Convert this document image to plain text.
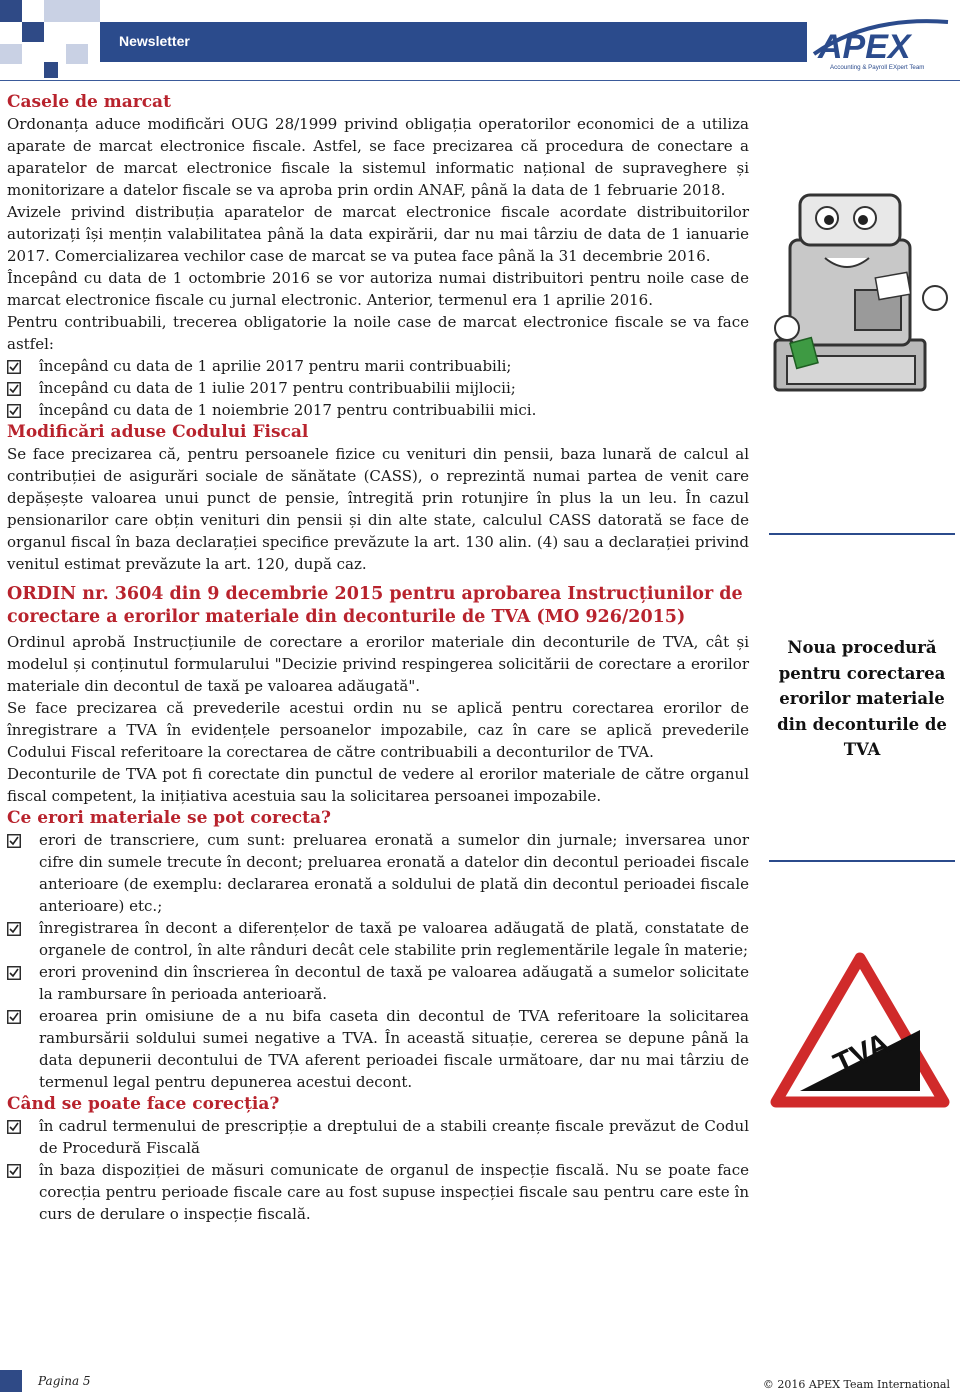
Newsletter	APEX
Accounting & Payroll EXpert Team
Casele de marcat

Ordonanța aduce modificări OUG 28/1999 privind obligația operatorilor economici de a utiliza aparate de marcat electronice fiscale. Astfel, se face precizarea că procedura de conectare a aparatelor de marcat electronice fiscale la sistemul informatic național de supraveghere și monitorizare a datelor fiscale se va aproba prin ordin ANAF, până la data de 1 februarie 2018.

Avizele privind distribuția aparatelor de marcat electronice fiscale acordate distribuitorilor autorizați își mențin valabilitatea până la data expirării, dar nu mai târziu de data de 1 ianuarie 2017. Comercializarea vechilor case de marcat se va putea face până la 31 decembrie 2016.

Începând cu data de 1 octombrie 2016 se vor autoriza numai distribuitori pentru noile case de marcat electronice fiscale cu jurnal electronic. Anterior, termenul era 1 aprilie 2016.

Pentru contribuabili, trecerea obligatorie la noile case de marcat electronice fiscale se va face astfel:

începând cu data de 1 aprilie 2017 pentru marii contribuabili;
începând cu data de 1 iulie 2017 pentru contribuabilii mijlocii;
începând cu data de 1 noiembrie 2017 pentru contribuabilii mici.
Modificări aduse Codului Fiscal

Se face precizarea că, pentru persoanele fizice cu venituri din pensii, baza lunară de calcul al contribuției de asigurări sociale de sănătate (CASS), o reprezintă numai partea de venit care depășește valoarea unui punct de pensie, întregită prin rotunjire în plus la un leu. În cazul pensionarilor care obțin venituri din pensii și din alte state, calculul CASS datorată se face de organul fiscal în baza declarației specifice prevăzute la art. 130 alin. (4) sau a declarației privind venitul estimat prevăzute la art. 120, după caz.

ORDIN nr. 3604 din 9 decembrie 2015 pentru aprobarea Instrucțiunilor de corectare a erorilor materiale din deconturile de TVA (MO 926/2015)

Ordinul aprobă Instrucțiunile de corectare a erorilor materiale din deconturile de TVA, cât și modelul și conținutul formularului "Decizie privind respingerea solicitării de corectare a erorilor materiale din decontul de taxă pe valoarea adăugată".

Se face precizarea că prevederile acestui ordin nu se aplică pentru corectarea erorilor de înregistrare a TVA în evidențele persoanelor impozabile, caz în care se aplică prevederile Codului Fiscal referitoare la corectarea de către contribuabili a deconturilor de TVA.

Deconturile de TVA pot fi corectate din punctul de vedere al erorilor materiale de către organul fiscal competent, la inițiativa acestuia sau la solicitarea persoanei impozabile.

Ce erori materiale se pot corecta?
erori de transcriere, cum sunt: preluarea eronată a sumelor din jurnale; inversarea unor cifre din sumele trecute în decont; preluarea eronată a datelor din decontul perioadei fiscale anterioare (de exemplu: declararea eronată a soldului de plată din decontul perioadei fiscale anterioare) etc.;
înregistrarea în decont a diferențelor de taxă pe valoarea adăugată de plată, constatate de organele de control, în alte rânduri decât cele stabilite prin reglementările legale în materie;
erori provenind din înscrierea în decontul de taxă pe valoarea adăugată a sumelor solicitate la rambursare în perioada anterioară.
eroarea prin omisiune de a nu bifa caseta din decontul de TVA referitoare la solicitarea rambursării soldului sumei negative a TVA. În această situație, cererea se depune până la data depunerii decontului de TVA aferent perioadei fiscale următoare, dar nu mai târziu de termenul legal pentru depunerea acestui decont.
Când se poate face corecția?
în cadrul termenului de prescripție a dreptului de a stabili creanțe fiscale prevăzut de Codul de Procedură Fiscală
în baza dispoziției de măsuri comunicate de organul de inspecție fiscală. Nu se poate face corecția pentru perioade fiscale care au fost supuse inspecției fiscale sau pentru care este în curs de derulare o inspecție fiscală.
Noua procedură pentru corectarea erorilor materiale din deconturile de TVA
TVA
Pagina 5	© 2016 APEX Team International
